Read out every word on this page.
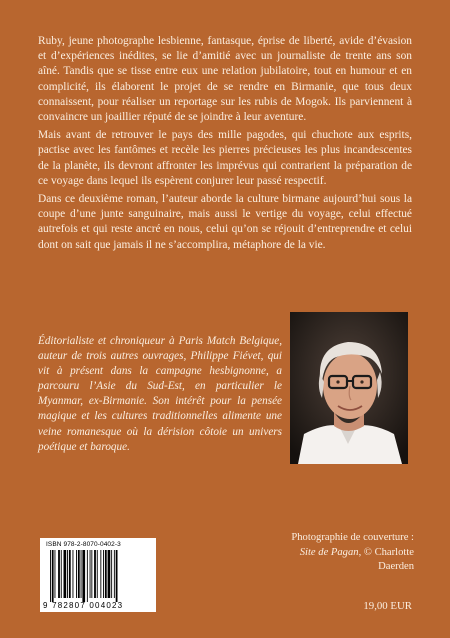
Ruby, jeune photographe lesbienne, fantasque, éprise de liberté, avide d’évasion et d’expériences inédites, se lie d’amitié avec un journaliste de trente ans son aîné. Tandis que se tisse entre eux une relation jubilatoire, tout en humour et en complicité, ils élaborent le projet de se rendre en Birmanie, que tous deux connaissent, pour réaliser un reportage sur les rubis de Mogok. Ils parviennent à convaincre un joaillier réputé de se joindre à leur aventure.

Mais avant de retrouver le pays des mille pagodes, qui chuchote aux esprits, pactise avec les fantômes et recèle les pierres précieuses les plus incandescentes de la planète, ils devront affronter les imprévus qui contrarient la préparation de ce voyage dans lequel ils espèrent conjurer leur passé respectif.

Dans ce deuxième roman, l’auteur aborde la culture birmane aujourd’hui sous la coupe d’une junte sanguinaire, mais aussi le vertige du voyage, celui effectué autrefois et qui reste ancré en nous, celui qu’on se réjouit d’entreprendre et celui dont on sait que jamais il ne s’accomplira, métaphore de la vie.

Éditorialiste et chroniqueur à Paris Match Belgique, auteur de trois autres ouvrages, Philippe Fiévet, qui vit à présent dans la campagne hesbignonne, a parcouru l’Asie du Sud-Est, en particulier le Myanmar, ex-Birmanie. Son intérêt pour la pensée magique et les cultures traditionnelles alimente une veine romanesque où la dérision côtoie un univers poétique et baroque.
ISBN 978-2-8070-0402-3
9 782807 004023
Photographie de couverture :
Site de Pagan, © Charlotte Daerden
19,00 EUR
